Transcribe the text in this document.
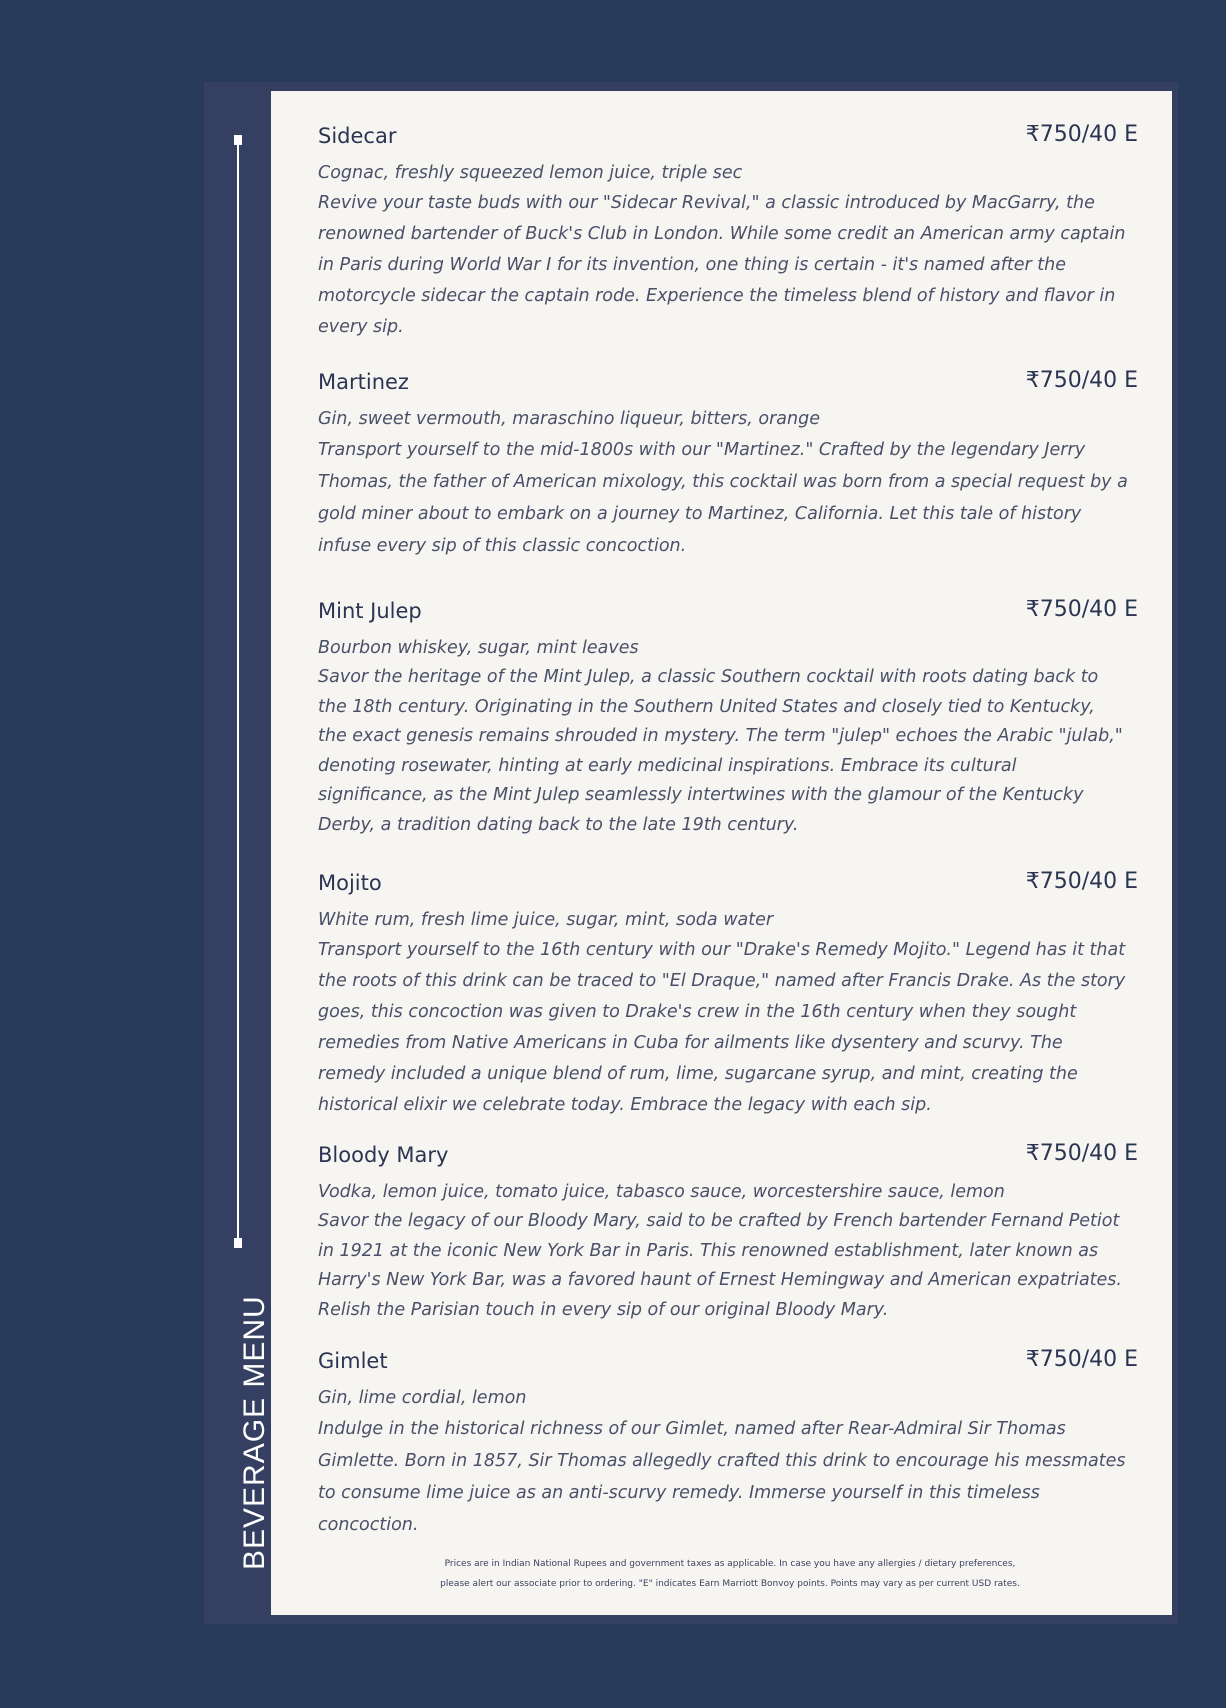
BEVERAGE MENU
Sidecar	₹750/40 E
Cognac, freshly squeezed lemon juice, triple sec

Revive your taste buds with our "Sidecar Revival," a classic introduced by MacGarry, the renowned bartender of Buck's Club in London. While some credit an American army captain in Paris during World War I for its invention, one thing is certain - it's named after the motorcycle sidecar the captain rode. Experience the timeless blend of history and flavor in every sip.

Martinez	₹750/40 E
Gin, sweet vermouth, maraschino liqueur, bitters, orange

Transport yourself to the mid-1800s with our "Martinez." Crafted by the legendary Jerry Thomas, the father of American mixology, this cocktail was born from a special request by a gold miner about to embark on a journey to Martinez, California. Let this tale of history infuse every sip of this classic concoction.

Mint Julep	₹750/40 E
Bourbon whiskey, sugar, mint leaves

Savor the heritage of the Mint Julep, a classic Southern cocktail with roots dating back to the 18th century. Originating in the Southern United States and closely tied to Kentucky, the exact genesis remains shrouded in mystery. The term "julep" echoes the Arabic "julab," denoting rosewater, hinting at early medicinal inspirations. Embrace its cultural significance, as the Mint Julep seamlessly intertwines with the glamour of the Kentucky Derby, a tradition dating back to the late 19th century.

Mojito	₹750/40 E
White rum, fresh lime juice, sugar, mint, soda water

Transport yourself to the 16th century with our "Drake's Remedy Mojito." Legend has it that the roots of this drink can be traced to "El Draque," named after Francis Drake. As the story goes, this concoction was given to Drake's crew in the 16th century when they sought remedies from Native Americans in Cuba for ailments like dysentery and scurvy. The remedy included a unique blend of rum, lime, sugarcane syrup, and mint, creating the historical elixir we celebrate today. Embrace the legacy with each sip.

Bloody Mary	₹750/40 E
Vodka, lemon juice, tomato juice, tabasco sauce, worcestershire sauce, lemon

Savor the legacy of our Bloody Mary, said to be crafted by French bartender Fernand Petiot in 1921 at the iconic New York Bar in Paris. This renowned establishment, later known as Harry's New York Bar, was a favored haunt of Ernest Hemingway and American expatriates. Relish the Parisian touch in every sip of our original Bloody Mary.

Gimlet	₹750/40 E
Gin, lime cordial, lemon

Indulge in the historical richness of our Gimlet, named after Rear-Admiral Sir Thomas Gimlette. Born in 1857, Sir Thomas allegedly crafted this drink to encourage his messmates to consume lime juice as an anti-scurvy remedy. Immerse yourself in this timeless concoction.

Prices are in Indian National Rupees and government taxes as applicable. In case you have any allergies / dietary preferences,
please alert our associate prior to ordering. "E" indicates Earn Marriott Bonvoy points. Points may vary as per current USD rates.
